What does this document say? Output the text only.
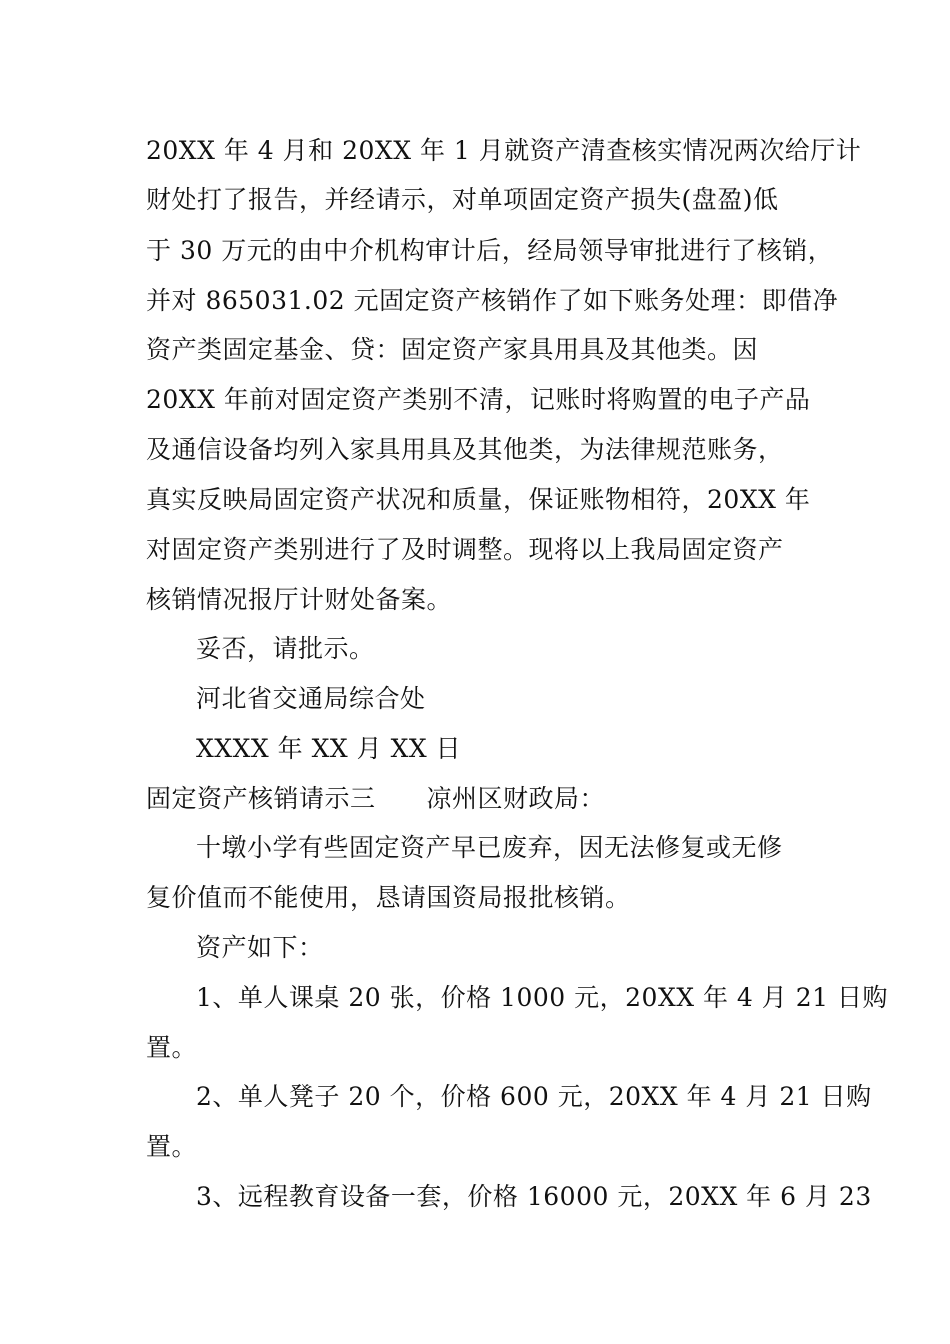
20XX 年 4 月和 20XX 年 1 月就资产清查核实情况两次给厅计
财处打了报告，并经请示，对单项固定资产损失(盘盈)低
于 30 万元的由中介机构审计后，经局领导审批进行了核销，
并对 865031.02 元固定资产核销作了如下账务处理：即借净
资产类固定基金、贷：固定资产家具用具及其他类。因
20XX 年前对固定资产类别不清，记账时将购置的电子产品
及通信设备均列入家具用具及其他类，为法律规范账务，
真实反映局固定资产状况和质量，保证账物相符，20XX 年
对固定资产类别进行了及时调整。现将以上我局固定资产
核销情况报厅计财处备案。
妥否，请批示。
河北省交通局综合处
XXXX 年 XX 月 XX 日
固定资产核销请示三　　凉州区财政局：
十墩小学有些固定资产早已废弃，因无法修复或无修
复价值而不能使用，恳请国资局报批核销。
资产如下：
1、单人课桌 20 张，价格 1000 元，20XX 年 4 月 21 日购
置。
2、单人凳子 20 个，价格 600 元，20XX 年 4 月 21 日购
置。
3、远程教育设备一套，价格 16000 元，20XX 年 6 月 23
